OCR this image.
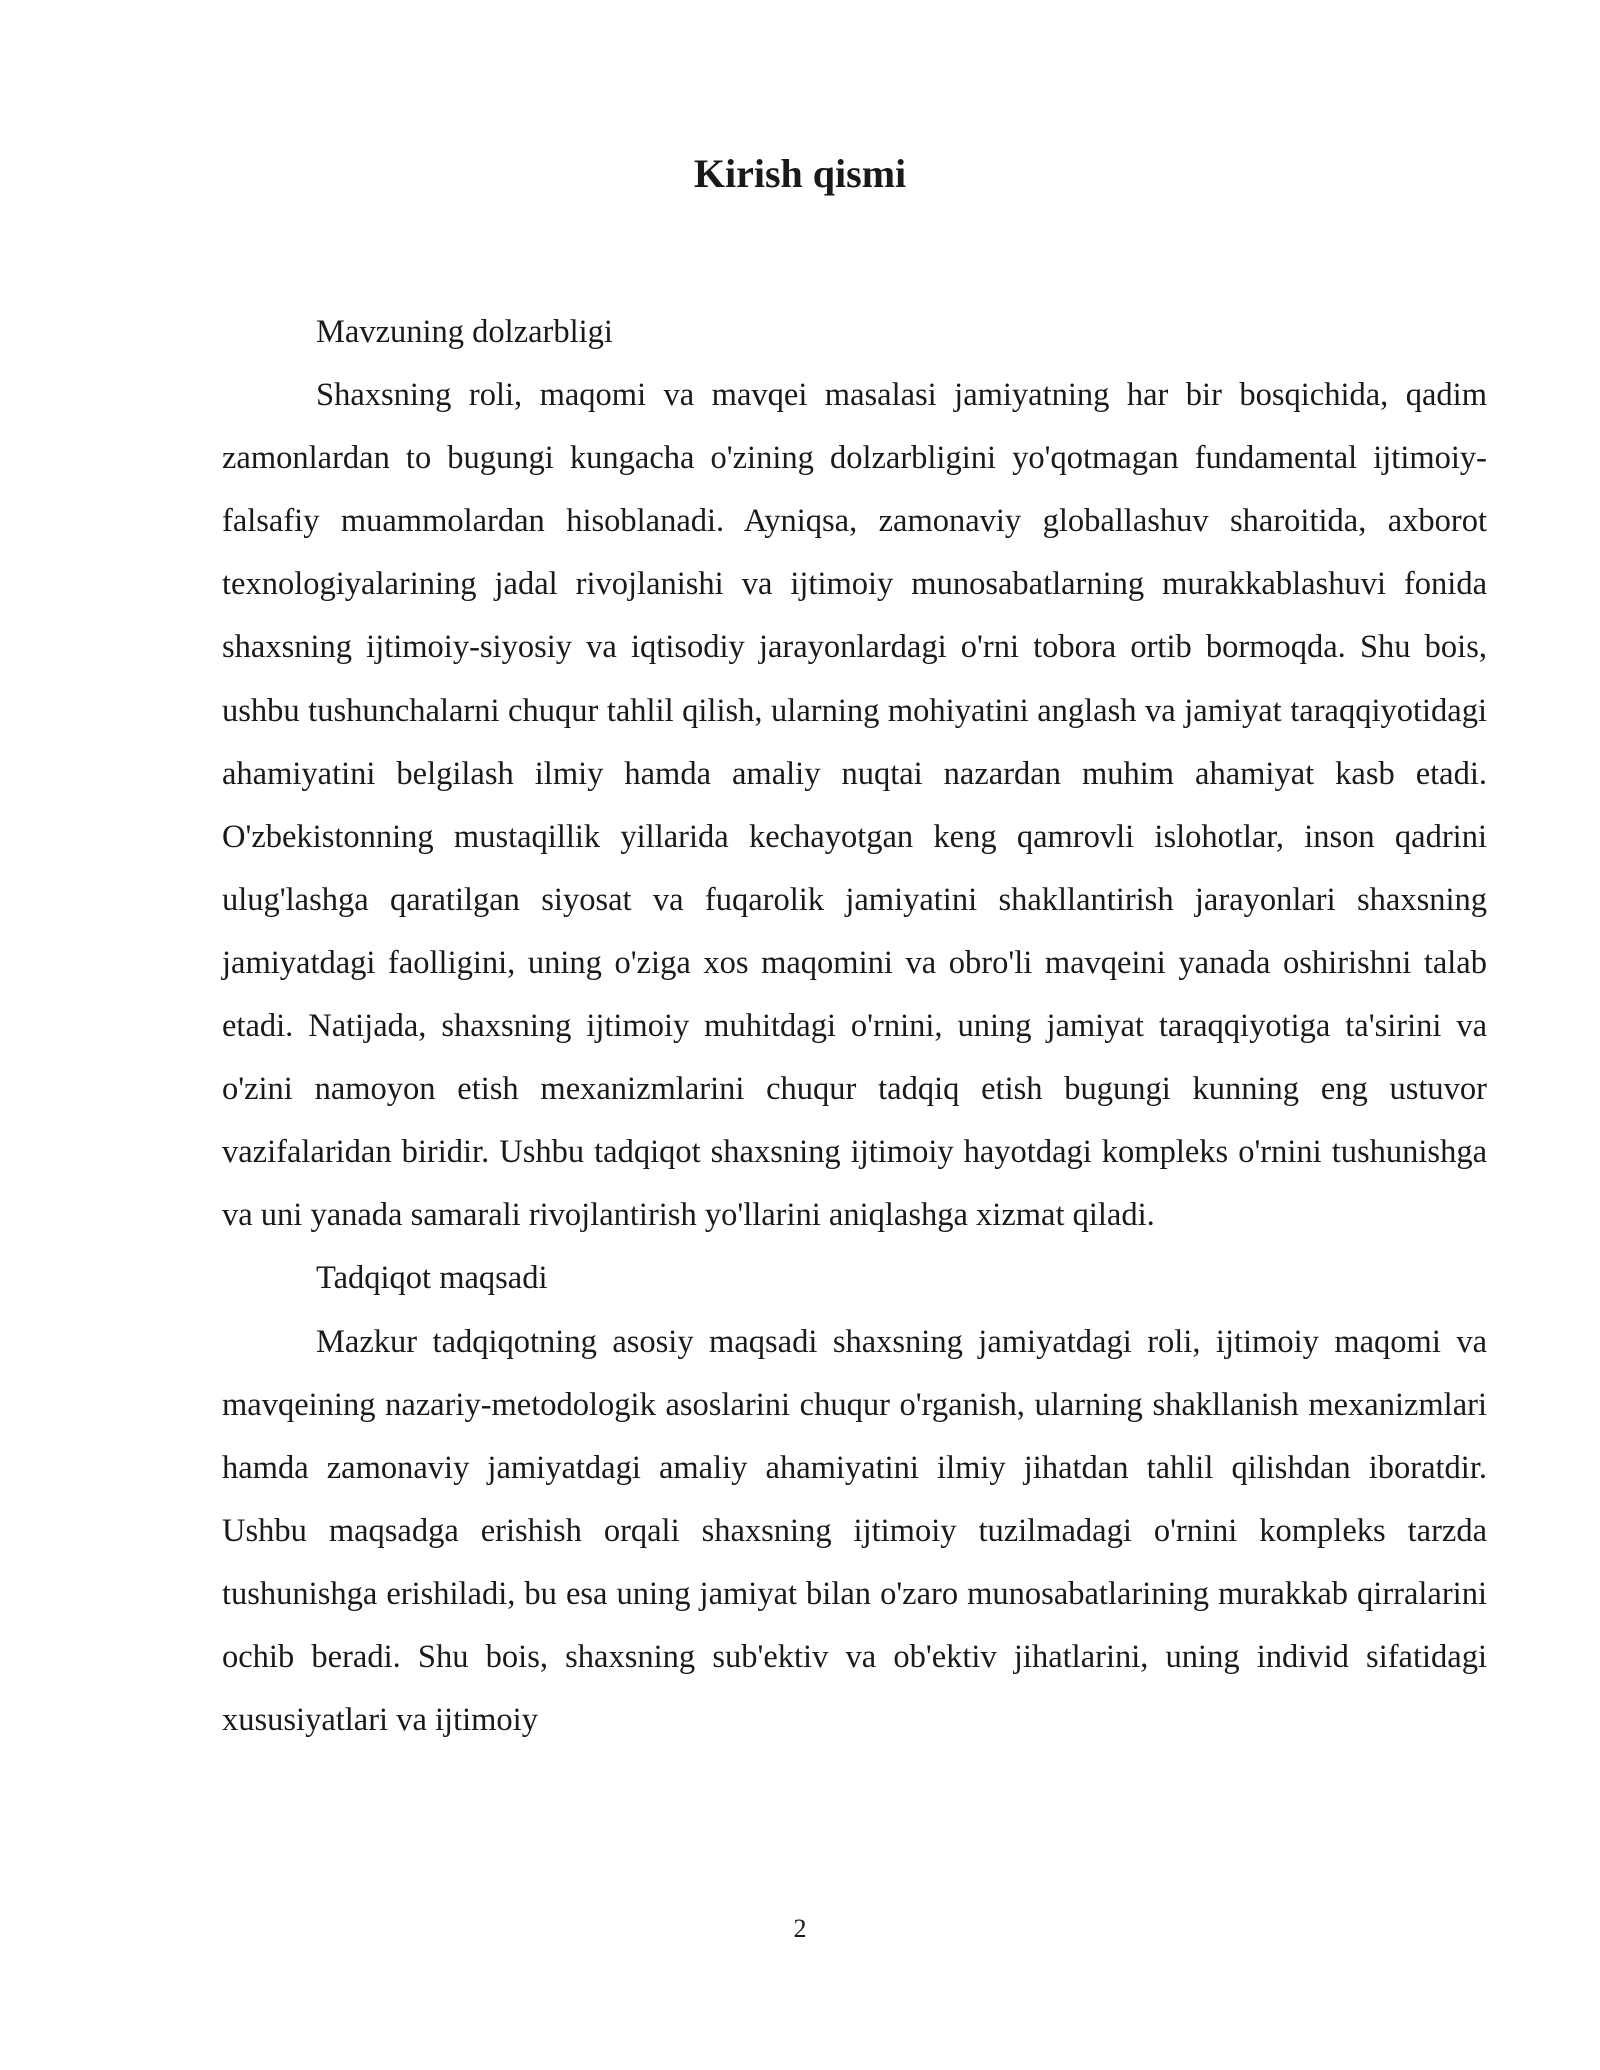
Kirish qismi

Mavzuning dolzarbligi

Shaxsning roli, maqomi va mavqei masalasi jamiyatning har bir bosqichida, qadim zamonlardan to bugungi kungacha o'zining dolzarbligini yo'qotmagan fundamental ijtimoiy-falsafiy muammolardan hisoblanadi. Ayniqsa, zamonaviy globallashuv sharoitida, axborot texnologiyalarining jadal rivojlanishi va ijtimoiy munosabatlarning murakkablashuvi fonida shaxsning ijtimoiy-siyosiy va iqtisodiy jarayonlardagi o'rni tobora ortib bormoqda. Shu bois, ushbu tushunchalarni chuqur tahlil qilish, ularning mohiyatini anglash va jamiyat taraqqiyotidagi ahamiyatini belgilash ilmiy hamda amaliy nuqtai nazardan muhim ahamiyat kasb etadi. O'zbekistonning mustaqillik yillarida kechayotgan keng qamrovli islohotlar, inson qadrini ulug'lashga qaratilgan siyosat va fuqarolik jamiyatini shakllantirish jarayonlari shaxsning jamiyatdagi faolligini, uning o'ziga xos maqomini va obro'li mavqeini yanada oshirishni talab etadi. Natijada, shaxsning ijtimoiy muhitdagi o'rnini, uning jamiyat taraqqiyotiga ta'sirini va o'zini namoyon etish mexanizmlarini chuqur tadqiq etish bugungi kunning eng ustuvor vazifalaridan biridir. Ushbu tadqiqot shaxsning ijtimoiy hayotdagi kompleks o'rnini tushunishga va uni yanada samarali rivojlantirish yo'llarini aniqlashga xizmat qiladi.

Tadqiqot maqsadi

Mazkur tadqiqotning asosiy maqsadi shaxsning jamiyatdagi roli, ijtimoiy maqomi va mavqeining nazariy-metodologik asoslarini chuqur o'rganish, ularning shakllanish mexanizmlari hamda zamonaviy jamiyatdagi amaliy ahamiyatini ilmiy jihatdan tahlil qilishdan iboratdir. Ushbu maqsadga erishish orqali shaxsning ijtimoiy tuzilmadagi o'rnini kompleks tarzda tushunishga erishiladi, bu esa uning jamiyat bilan o'zaro munosabatlarining murakkab qirralarini ochib beradi. Shu bois, shaxsning sub'ektiv va ob'ektiv jihatlarini, uning individ sifatidagi xususiyatlari va ijtimoiy

2
